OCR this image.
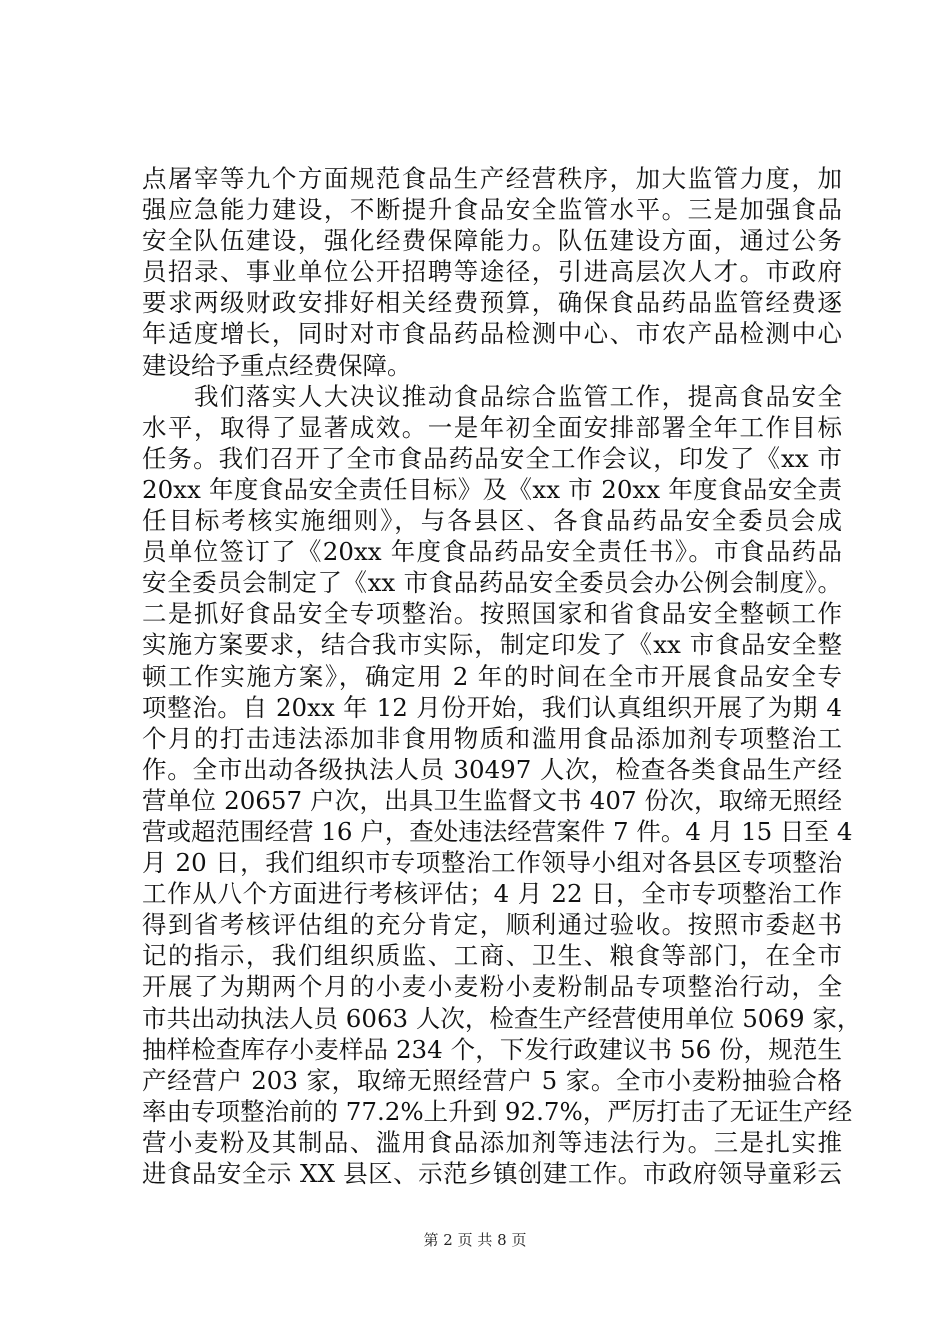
点屠宰等九个方面规范食品生产经营秩序，加大监管力度，加
强应急能力建设，不断提升食品安全监管水平。三是加强食品
安全队伍建设，强化经费保障能力。队伍建设方面，通过公务
员招录、事业单位公开招聘等途径，引进高层次人才。市政府
要求两级财政安排好相关经费预算，确保食品药品监管经费逐
年适度增长，同时对市食品药品检测中心、市农产品检测中心
建设给予重点经费保障。
　　我们落实人大决议推动食品综合监管工作，提高食品安全
水平，取得了显著成效。一是年初全面安排部署全年工作目标
任务。我们召开了全市食品药品安全工作会议，印发了《xx 市
20xx 年度食品安全责任目标》及《xx 市 20xx 年度食品安全责
任目标考核实施细则》，与各县区、各食品药品安全委员会成
员单位签订了《20xx 年度食品药品安全责任书》。市食品药品
安全委员会制定了《xx 市食品药品安全委员会办公例会制度》。
二是抓好食品安全专项整治。按照国家和省食品安全整顿工作
实施方案要求，结合我市实际，制定印发了《xx 市食品安全整
顿工作实施方案》，确定用 2 年的时间在全市开展食品安全专
项整治。自 20xx 年 12 月份开始，我们认真组织开展了为期 4
个月的打击违法添加非食用物质和滥用食品添加剂专项整治工
作。全市出动各级执法人员 30497 人次，检查各类食品生产经
营单位 20657 户次，出具卫生监督文书 407 份次，取缔无照经
营或超范围经营 16 户，查处违法经营案件 7 件。4 月 15 日至 4
月 20 日，我们组织市专项整治工作领导小组对各县区专项整治
工作从八个方面进行考核评估；4 月 22 日，全市专项整治工作
得到省考核评估组的充分肯定，顺利通过验收。按照市委赵书
记的指示，我们组织质监、工商、卫生、粮食等部门，在全市
开展了为期两个月的小麦小麦粉小麦粉制品专项整治行动，全
市共出动执法人员 6063 人次，检查生产经营使用单位 5069 家，
抽样检查库存小麦样品 234 个，下发行政建议书 56 份，规范生
产经营户 203 家，取缔无照经营户 5 家。全市小麦粉抽验合格
率由专项整治前的 77.2%上升到 92.7%，严厉打击了无证生产经
营小麦粉及其制品、滥用食品添加剂等违法行为。三是扎实推
进食品安全示 XX 县区、示范乡镇创建工作。市政府领导童彩云
第 2 页 共 8 页
